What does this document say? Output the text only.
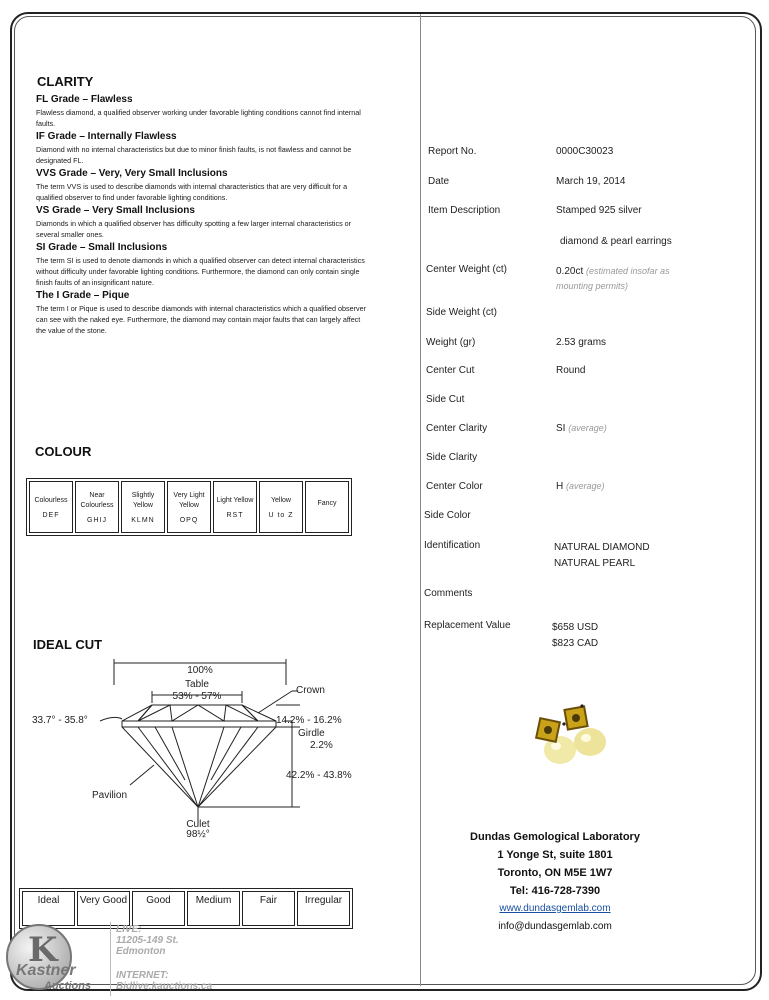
CLARITY
FL Grade – Flawless
Flawless diamond, a qualified observer working under favorable lighting conditions cannot find internal faults.
IF Grade – Internally Flawless
Diamond with no internal characteristics but due to minor finish faults, is not flawless and cannot be designated FL.
VVS Grade – Very, Very Small Inclusions
The term VVS is used to describe diamonds with internal characteristics that are very difficult for a qualified observer to find under favorable lighting conditions.
VS Grade – Very Small Inclusions
Diamonds in which a qualified observer has difficulty spotting a few larger internal characteristics or several smaller ones.
SI Grade – Small Inclusions
The term SI is used to denote diamonds in which a qualified observer can detect internal characteristics without difficulty under favorable lighting conditions. Furthermore, the diamond can only contain single finish faults of an insignificant nature.
The I Grade – Pique
The term I or Pique is used to describe diamonds with internal characteristics which a qualified observer can see with the naked eye. Furthermore, the diamond may contain major faults that can largely affect the value of the stone.
COLOUR
Colourless
DEF

Near Colourless
GHIJ

Slightly Yellow
KLMN

Very Light Yellow
OPQ

Light Yellow
RST

Yellow
U to Z

Fancy
IDEAL CUT
100%
Table
53% - 57%
Crown
33.7° - 35.8°	14.2% - 16.2%
Girdle
2.2%
42.2% - 43.8%
Pavilion
Culet
98½°
Ideal	Very Good	Good	Medium	Fair	Irregular
K
Kastner
Auctions
LIVE:
11205-149 St.
Edmonton
INTERNET:
Bidlive.kauctions.ca
Report No.	0000C30023
Date	March 19, 2014
Item Description	Stamped 925 silver
diamond & pearl earrings
Center Weight (ct)	0.20ct (estimated insofar as mounting permits)
Side Weight (ct)
Weight (gr)	2.53 grams
Center Cut	Round
Side Cut
Center Clarity	SI (average)
Side Clarity
Center Color	H (average)
Side Color
Identification	NATURAL DIAMOND
NATURAL PEARL
Comments
Replacement Value	$658 USD
$823 CAD
Dundas Gemological Laboratory
1 Yonge St, suite 1801
Toronto, ON M5E 1W7
Tel: 416-728-7390
www.dundasgemlab.com
info@dundasgemlab.com
